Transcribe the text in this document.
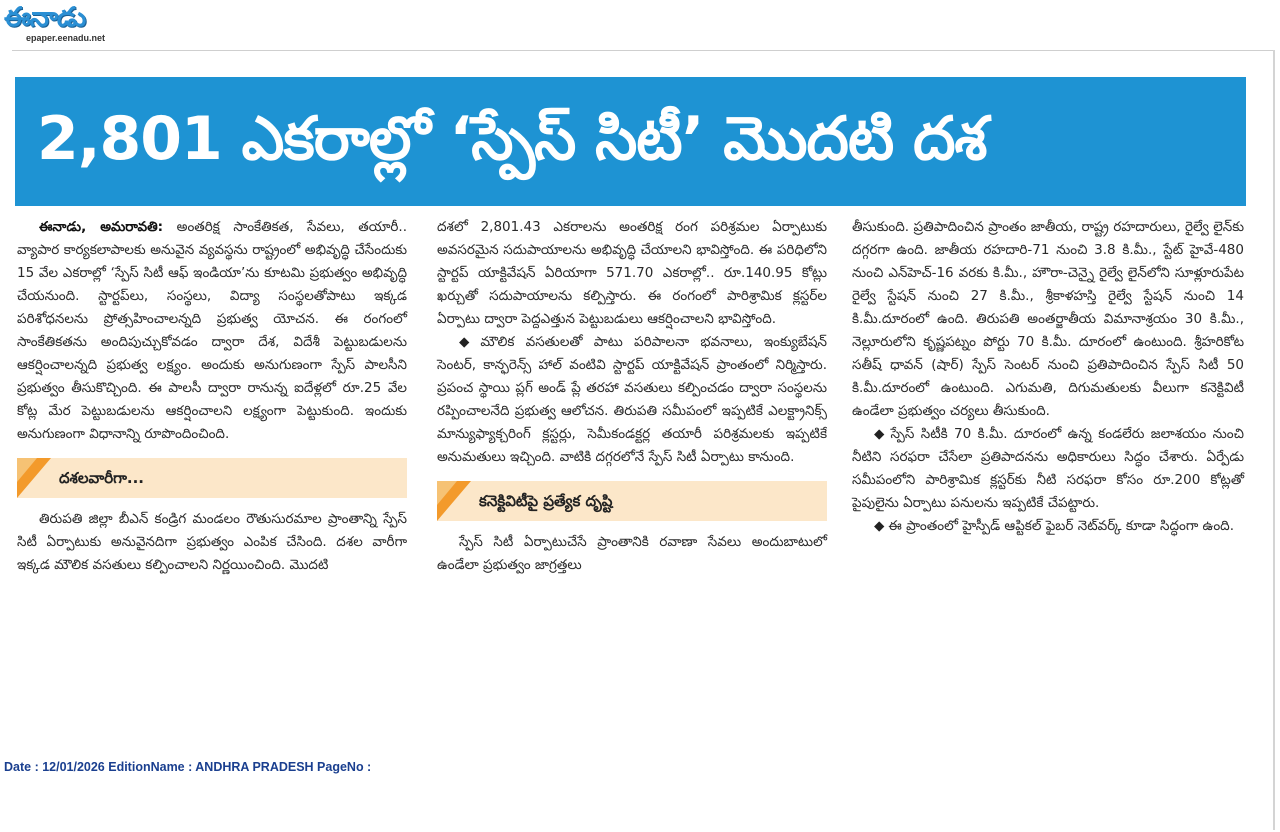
ఈనాడు
epaper.eenadu.net
2,801 ఎకరాల్లో ‘స్పేస్ సిటీ’ మొదటి దశ

ఈనాడు, అమరావతి: అంతరిక్ష సాంకేతికత, సేవలు, తయారీ.. వ్యాపార కార్యకలాపాలకు అనువైన వ్యవస్థను రాష్ట్రంలో అభివృద్ధి చేసేందుకు 15 వేల ఎకరాల్లో ‘స్పేస్ సిటీ ఆఫ్ ఇండియా’ను కూటమి ప్రభుత్వం అభివృద్ధి చేయనుంది. స్టార్టప్‌లు, సంస్థలు, విద్యా సంస్థలతోపాటు ఇక్కడ పరిశోధనలను ప్రోత్సహించాలన్నది ప్రభుత్వ యోచన. ఈ రంగంలో సాంకేతికతను అందిపుచ్చుకోవడం ద్వారా దేశ, విదేశీ పెట్టుబడులను ఆకర్షించాలన్నది ప్రభుత్వ లక్ష్యం. అందుకు అనుగుణంగా స్పేస్ పాలసీని ప్రభుత్వం తీసుకొచ్చింది. ఈ పాలసీ ద్వారా రానున్న ఐదేళ్లలో రూ.25 వేల కోట్ల మేర పెట్టుబడులను ఆకర్షించాలని లక్ష్యంగా పెట్టుకుంది. ఇందుకు అనుగుణంగా విధానాన్ని రూపొందించింది.

దశలవారీగా...

తిరుపతి జిల్లా బీఎన్ కండ్రిగ మండలం రౌతుసురమాల ప్రాంతాన్ని స్పేస్ సిటీ ఏర్పాటుకు అనువైనదిగా ప్రభుత్వం ఎంపిక చేసింది. దశల వారీగా ఇక్కడ మౌలిక వసతులు కల్పించాలని నిర్ణయించింది. మొదటి

దశలో 2,801.43 ఎకరాలను అంతరిక్ష రంగ పరిశ్రమల ఏర్పాటుకు అవసరమైన సదుపాయాలను అభివృద్ధి చేయాలని భావిస్తోంది. ఈ పరిధిలోని స్టార్టప్ యాక్టివేషన్ ఏరియాగా 571.70 ఎకరాల్లో.. రూ.140.95 కోట్లు ఖర్చుతో సదుపాయాలను కల్పిస్తారు. ఈ రంగంలో పారిశ్రామిక క్లస్టర్‌ల ఏర్పాటు ద్వారా పెద్దఎత్తున పెట్టుబడులు ఆకర్షించాలని భావిస్తోంది.

◆ మౌలిక వసతులతో పాటు పరిపాలనా భవనాలు, ఇంక్యుబేషన్ సెంటర్, కాన్ఫరెన్స్ హాల్ వంటివి స్టార్టప్ యాక్టివేషన్ ప్రాంతంలో నిర్మిస్తారు. ప్రపంచ స్థాయి ప్లగ్ అండ్ ప్లే తరహా వసతులు కల్పించడం ద్వారా సంస్థలను రప్పించాలనేది ప్రభుత్వ ఆలోచన. తిరుపతి సమీపంలో ఇప్పటికే ఎలక్ట్రానిక్స్ మాన్యుఫ్యాక్చరింగ్ క్లస్టర్లు, సెమీకండక్టర్ల తయారీ పరిశ్రమలకు ఇప్పటికే అనుమతులు ఇచ్చింది. వాటికి దగ్గరలోనే స్పేస్ సిటీ ఏర్పాటు కానుంది.

కనెక్టివిటీపై ప్రత్యేక దృష్టి

స్పేస్ సిటీ ఏర్పాటుచేసే ప్రాంతానికి రవాణా సేవలు అందుబాటులో ఉండేలా ప్రభుత్వం జాగ్రత్తలు

తీసుకుంది. ప్రతిపాదించిన ప్రాంతం జాతీయ, రాష్ట్ర రహదారులు, రైల్వే లైన్‌కు దగ్గరగా ఉంది. జాతీయ రహదారి-71 నుంచి 3.8 కి.మీ., స్టేట్ హైవే-480 నుంచి ఎన్‌హెచ్-16 వరకు కి.మీ., హౌరా-చెన్నై రైల్వే లైన్‌లోని సూళ్లూరుపేట రైల్వే స్టేషన్ నుంచి 27 కి.మీ., శ్రీకాళహస్తి రైల్వే స్టేషన్ నుంచి 14 కి.మీ.దూరంలో ఉంది. తిరుపతి అంతర్జాతీయ విమానాశ్రయం 30 కి.మీ., నెల్లూరులోని కృష్ణపట్నం పోర్టు 70 కి.మీ. దూరంలో ఉంటుంది. శ్రీహరికోట సతీష్ ధావన్ (షార్) స్పేస్ సెంటర్ నుంచి ప్రతిపాదించిన స్పేస్ సిటీ 50 కి.మీ.దూరంలో ఉంటుంది. ఎగుమతి, దిగుమతులకు వీలుగా కనెక్టివిటీ ఉండేలా ప్రభుత్వం చర్యలు తీసుకుంది.

◆ స్పేస్ సిటీకి 70 కి.మీ. దూరంలో ఉన్న కండలేరు జలాశయం నుంచి నీటిని సరఫరా చేసేలా ప్రతిపాదనను అధికారులు సిద్ధం చేశారు. ఏర్పేడు సమీపంలోని పారిశ్రామిక క్లస్టర్‌కు నీటి సరఫరా కోసం రూ.200 కోట్లతో పైపులైను ఏర్పాటు పనులను ఇప్పటికే చేపట్టారు.

◆ ఈ ప్రాంతంలో హైస్పీడ్ ఆప్టికల్ ఫైబర్ నెట్‌వర్క్ కూడా సిద్ధంగా ఉంది.

Date : 12/01/2026 EditionName : ANDHRA PRADESH PageNo :
